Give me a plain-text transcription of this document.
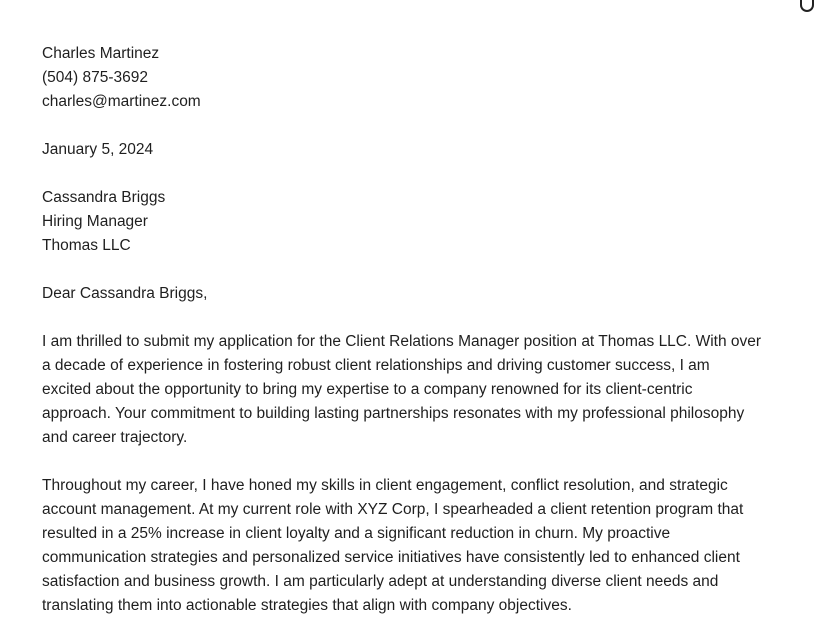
Charles Martinez
(504) 875-3692
charles@martinez.com
January 5, 2024
Cassandra Briggs
Hiring Manager
Thomas LLC
Dear Cassandra Briggs,
I am thrilled to submit my application for the Client Relations Manager position at Thomas LLC. With over
a decade of experience in fostering robust client relationships and driving customer success, I am
excited about the opportunity to bring my expertise to a company renowned for its client-centric
approach. Your commitment to building lasting partnerships resonates with my professional philosophy
and career trajectory.
Throughout my career, I have honed my skills in client engagement, conflict resolution, and strategic
account management. At my current role with XYZ Corp, I spearheaded a client retention program that
resulted in a 25% increase in client loyalty and a significant reduction in churn. My proactive
communication strategies and personalized service initiatives have consistently led to enhanced client
satisfaction and business growth. I am particularly adept at understanding diverse client needs and
translating them into actionable strategies that align with company objectives.
